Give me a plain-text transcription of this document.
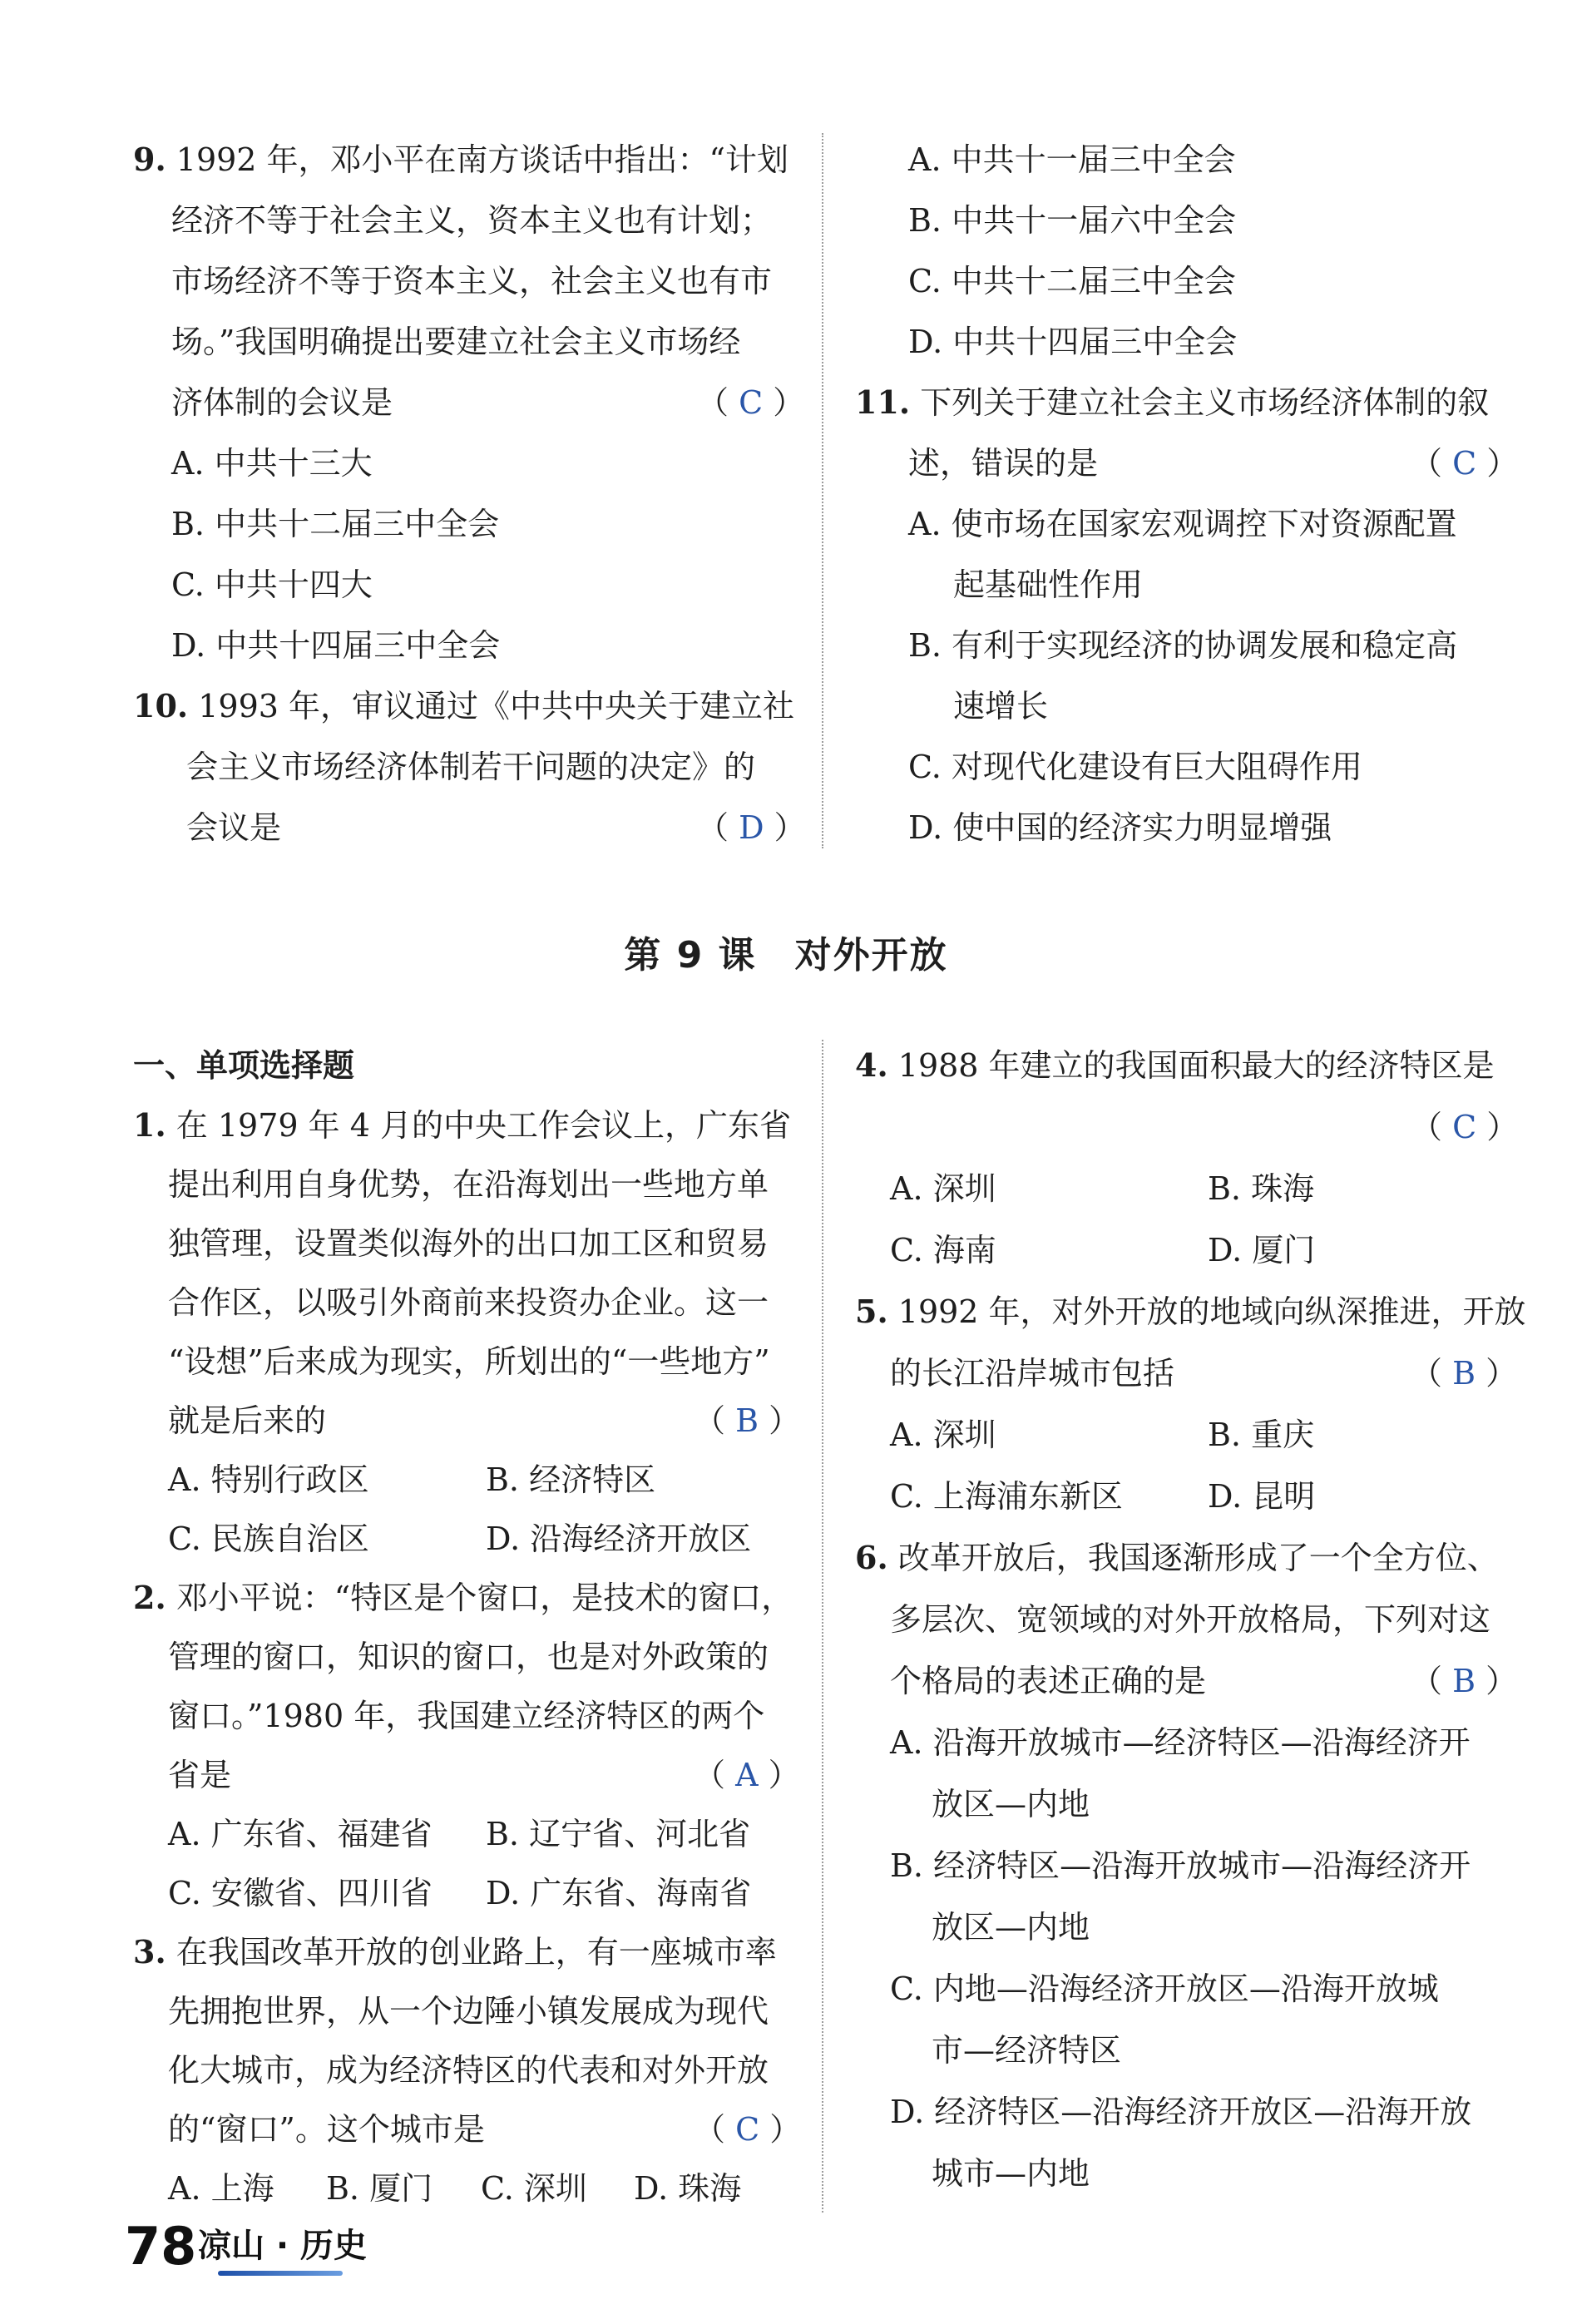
9. 1992 年，邓小平在南方谈话中指出：“计划
经济不等于社会主义，资本主义也有计划；
市场经济不等于资本主义，社会主义也有市
场。”我国明确提出要建立社会主义市场经
济体制的会议是	（ C ）
A. 中共十三大
B. 中共十二届三中全会
C. 中共十四大
D. 中共十四届三中全会
10. 1993 年，审议通过《中共中央关于建立社
会主义市场经济体制若干问题的决定》的
会议是	（ D ）
A. 中共十一届三中全会
B. 中共十一届六中全会
C. 中共十二届三中全会
D. 中共十四届三中全会
11. 下列关于建立社会主义市场经济体制的叙
述，错误的是	（ C ）
A. 使市场在国家宏观调控下对资源配置
起基础性作用
B. 有利于实现经济的协调发展和稳定高
速增长
C. 对现代化建设有巨大阻碍作用
D. 使中国的经济实力明显增强
第 9 课　对外开放
一、单项选择题
1. 在 1979 年 4 月的中央工作会议上，广东省
提出利用自身优势，在沿海划出一些地方单
独管理，设置类似海外的出口加工区和贸易
合作区，以吸引外商前来投资办企业。这一
“设想”后来成为现实，所划出的“一些地方”
就是后来的	（ B ）
A. 特别行政区	B. 经济特区
C. 民族自治区	D. 沿海经济开放区
2. 邓小平说：“特区是个窗口，是技术的窗口，
管理的窗口，知识的窗口，也是对外政策的
窗口。”1980 年，我国建立经济特区的两个
省是	（ A ）
A. 广东省、福建省 B. 辽宁省、河北省
C. 安徽省、四川省 D. 广东省、海南省
3. 在我国改革开放的创业路上，有一座城市率
先拥抱世界，从一个边陲小镇发展成为现代
化大城市，成为经济特区的代表和对外开放
的“窗口”。这个城市是	（ C ）
A. 上海 B. 厦门 C. 深圳 D. 珠海
4. 1988 年建立的我国面积最大的经济特区是
（ C ）
A. 深圳	B. 珠海
C. 海南	D. 厦门
5. 1992 年，对外开放的地域向纵深推进，开放
的长江沿岸城市包括	（ B ）
A. 深圳	B. 重庆
C. 上海浦东新区	D. 昆明
6. 改革开放后，我国逐渐形成了一个全方位、
多层次、宽领域的对外开放格局，下列对这
个格局的表述正确的是	（ B ）
A. 沿海开放城市—经济特区—沿海经济开
放区—内地
B. 经济特区—沿海开放城市—沿海经济开
放区—内地
C. 内地—沿海经济开放区—沿海开放城
市—经济特区
D. 经济特区—沿海经济开放区—沿海开放
城市—内地
78 凉山 · 历史
